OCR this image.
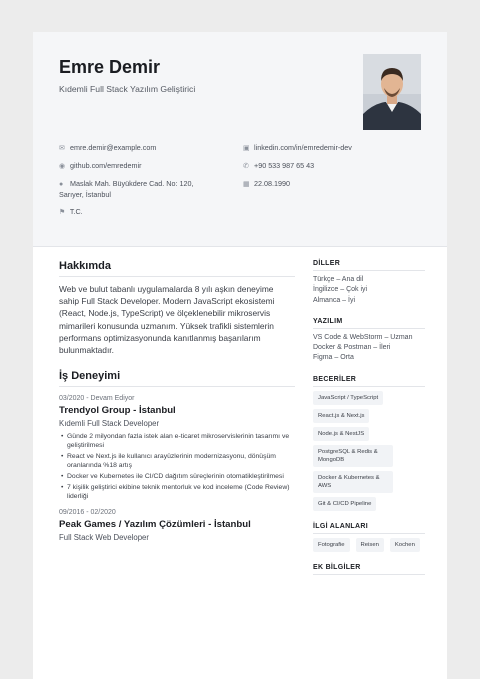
Emre Demir
Kıdemli Full Stack Yazılım Geliştirici
✉ emre.demir@example.com	▣ linkedin.com/in/emredemir-dev
◉ github.com/emredemir	✆ +90 533 987 65 43
● Maslak Mah. Büyükdere Cad. No: 120,
Sarıyer, İstanbul
▦ 22.08.1990
⚑ T.C.
Hakkımda

Web ve bulut tabanlı uygulamalarda 8 yılı aşkın deneyime sahip Full Stack Developer. Modern JavaScript ekosistemi (React, Node.js, TypeScript) ve ölçeklenebilir mikroservis mimarileri konusunda uzmanım. Yüksek trafikli sistemlerin performans optimizasyonunda kanıtlanmış başarılarım bulunmaktadır.

İş Deneyimi
03/2020 - Devam Ediyor
Trendyol Group - İstanbul
Kıdemli Full Stack Developer

• Günde 2 milyondan fazla istek alan e-ticaret mikroservislerinin tasarımı ve geliştirilmesi

• React ve Next.js ile kullanıcı arayüzlerinin modernizasyonu, dönüşüm oranlarında %18 artış

• Docker ve Kubernetes ile CI/CD dağıtım süreçlerinin otomatikleştirilmesi

• 7 kişilik geliştirici ekibine teknik mentorluk ve kod inceleme (Code Review) liderliği

09/2016 - 02/2020
Peak Games / Yazılım Çözümleri - İstanbul
Full Stack Web Developer
DİLLER
Türkçe – Ana dil
İngilizce – Çok iyi
Almanca – İyi
YAZILIM
VS Code & WebStorm – Uzman
Docker & Postman – İleri
Figma – Orta
BECERİLER
JavaScript / TypeScript
React.js & Next.js
Node.js & NestJS
PostgreSQL & Redis & MongoDB
Docker & Kubernetes & AWS
Git & CI/CD Pipeline
İLGİ ALANLARI
Fotografie	Reisen	Kochen
EK BİLGİLER
